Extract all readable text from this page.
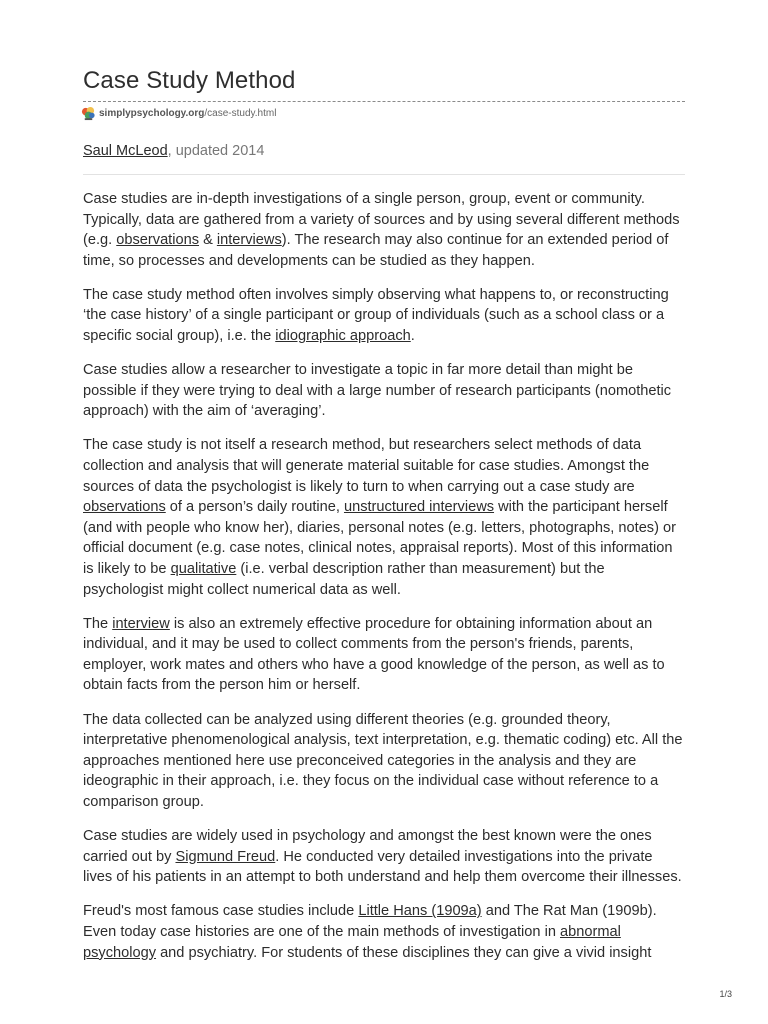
Case Study Method
simplypsychology.org /case-study.html
Saul McLeod, updated 2014

Case studies are in-depth investigations of a single person, group, event or community. Typically, data are gathered from a variety of sources and by using several different methods (e.g. observations & interviews). The research may also continue for an extended period of time, so processes and developments can be studied as they happen.

The case study method often involves simply observing what happens to, or reconstructing ‘the case history’ of a single participant or group of individuals (such as a school class or a specific social group), i.e. the idiographic approach.

Case studies allow a researcher to investigate a topic in far more detail than might be possible if they were trying to deal with a large number of research participants (nomothetic approach) with the aim of ‘averaging’.

The case study is not itself a research method, but researchers select methods of data collection and analysis that will generate material suitable for case studies. Amongst the sources of data the psychologist is likely to turn to when carrying out a case study are observations of a person’s daily routine, unstructured interviews with the participant herself (and with people who know her), diaries, personal notes (e.g. letters, photographs, notes) or official document (e.g. case notes, clinical notes, appraisal reports). Most of this information is likely to be qualitative (i.e. verbal description rather than measurement) but the psychologist might collect numerical data as well.

The interview is also an extremely effective procedure for obtaining information about an individual, and it may be used to collect comments from the person's friends, parents, employer, work mates and others who have a good knowledge of the person, as well as to obtain facts from the person him or herself.

The data collected can be analyzed using different theories (e.g. grounded theory, interpretative phenomenological analysis, text interpretation, e.g. thematic coding) etc. All the approaches mentioned here use preconceived categories in the analysis and they are ideographic in their approach, i.e. they focus on the individual case without reference to a comparison group.

Case studies are widely used in psychology and amongst the best known were the ones carried out by Sigmund Freud. He conducted very detailed investigations into the private lives of his patients in an attempt to both understand and help them overcome their illnesses.

Freud's most famous case studies include Little Hans (1909a) and The Rat Man (1909b). Even today case histories are one of the main methods of investigation in abnormal psychology and psychiatry. For students of these disciplines they can give a vivid insight

1/3
